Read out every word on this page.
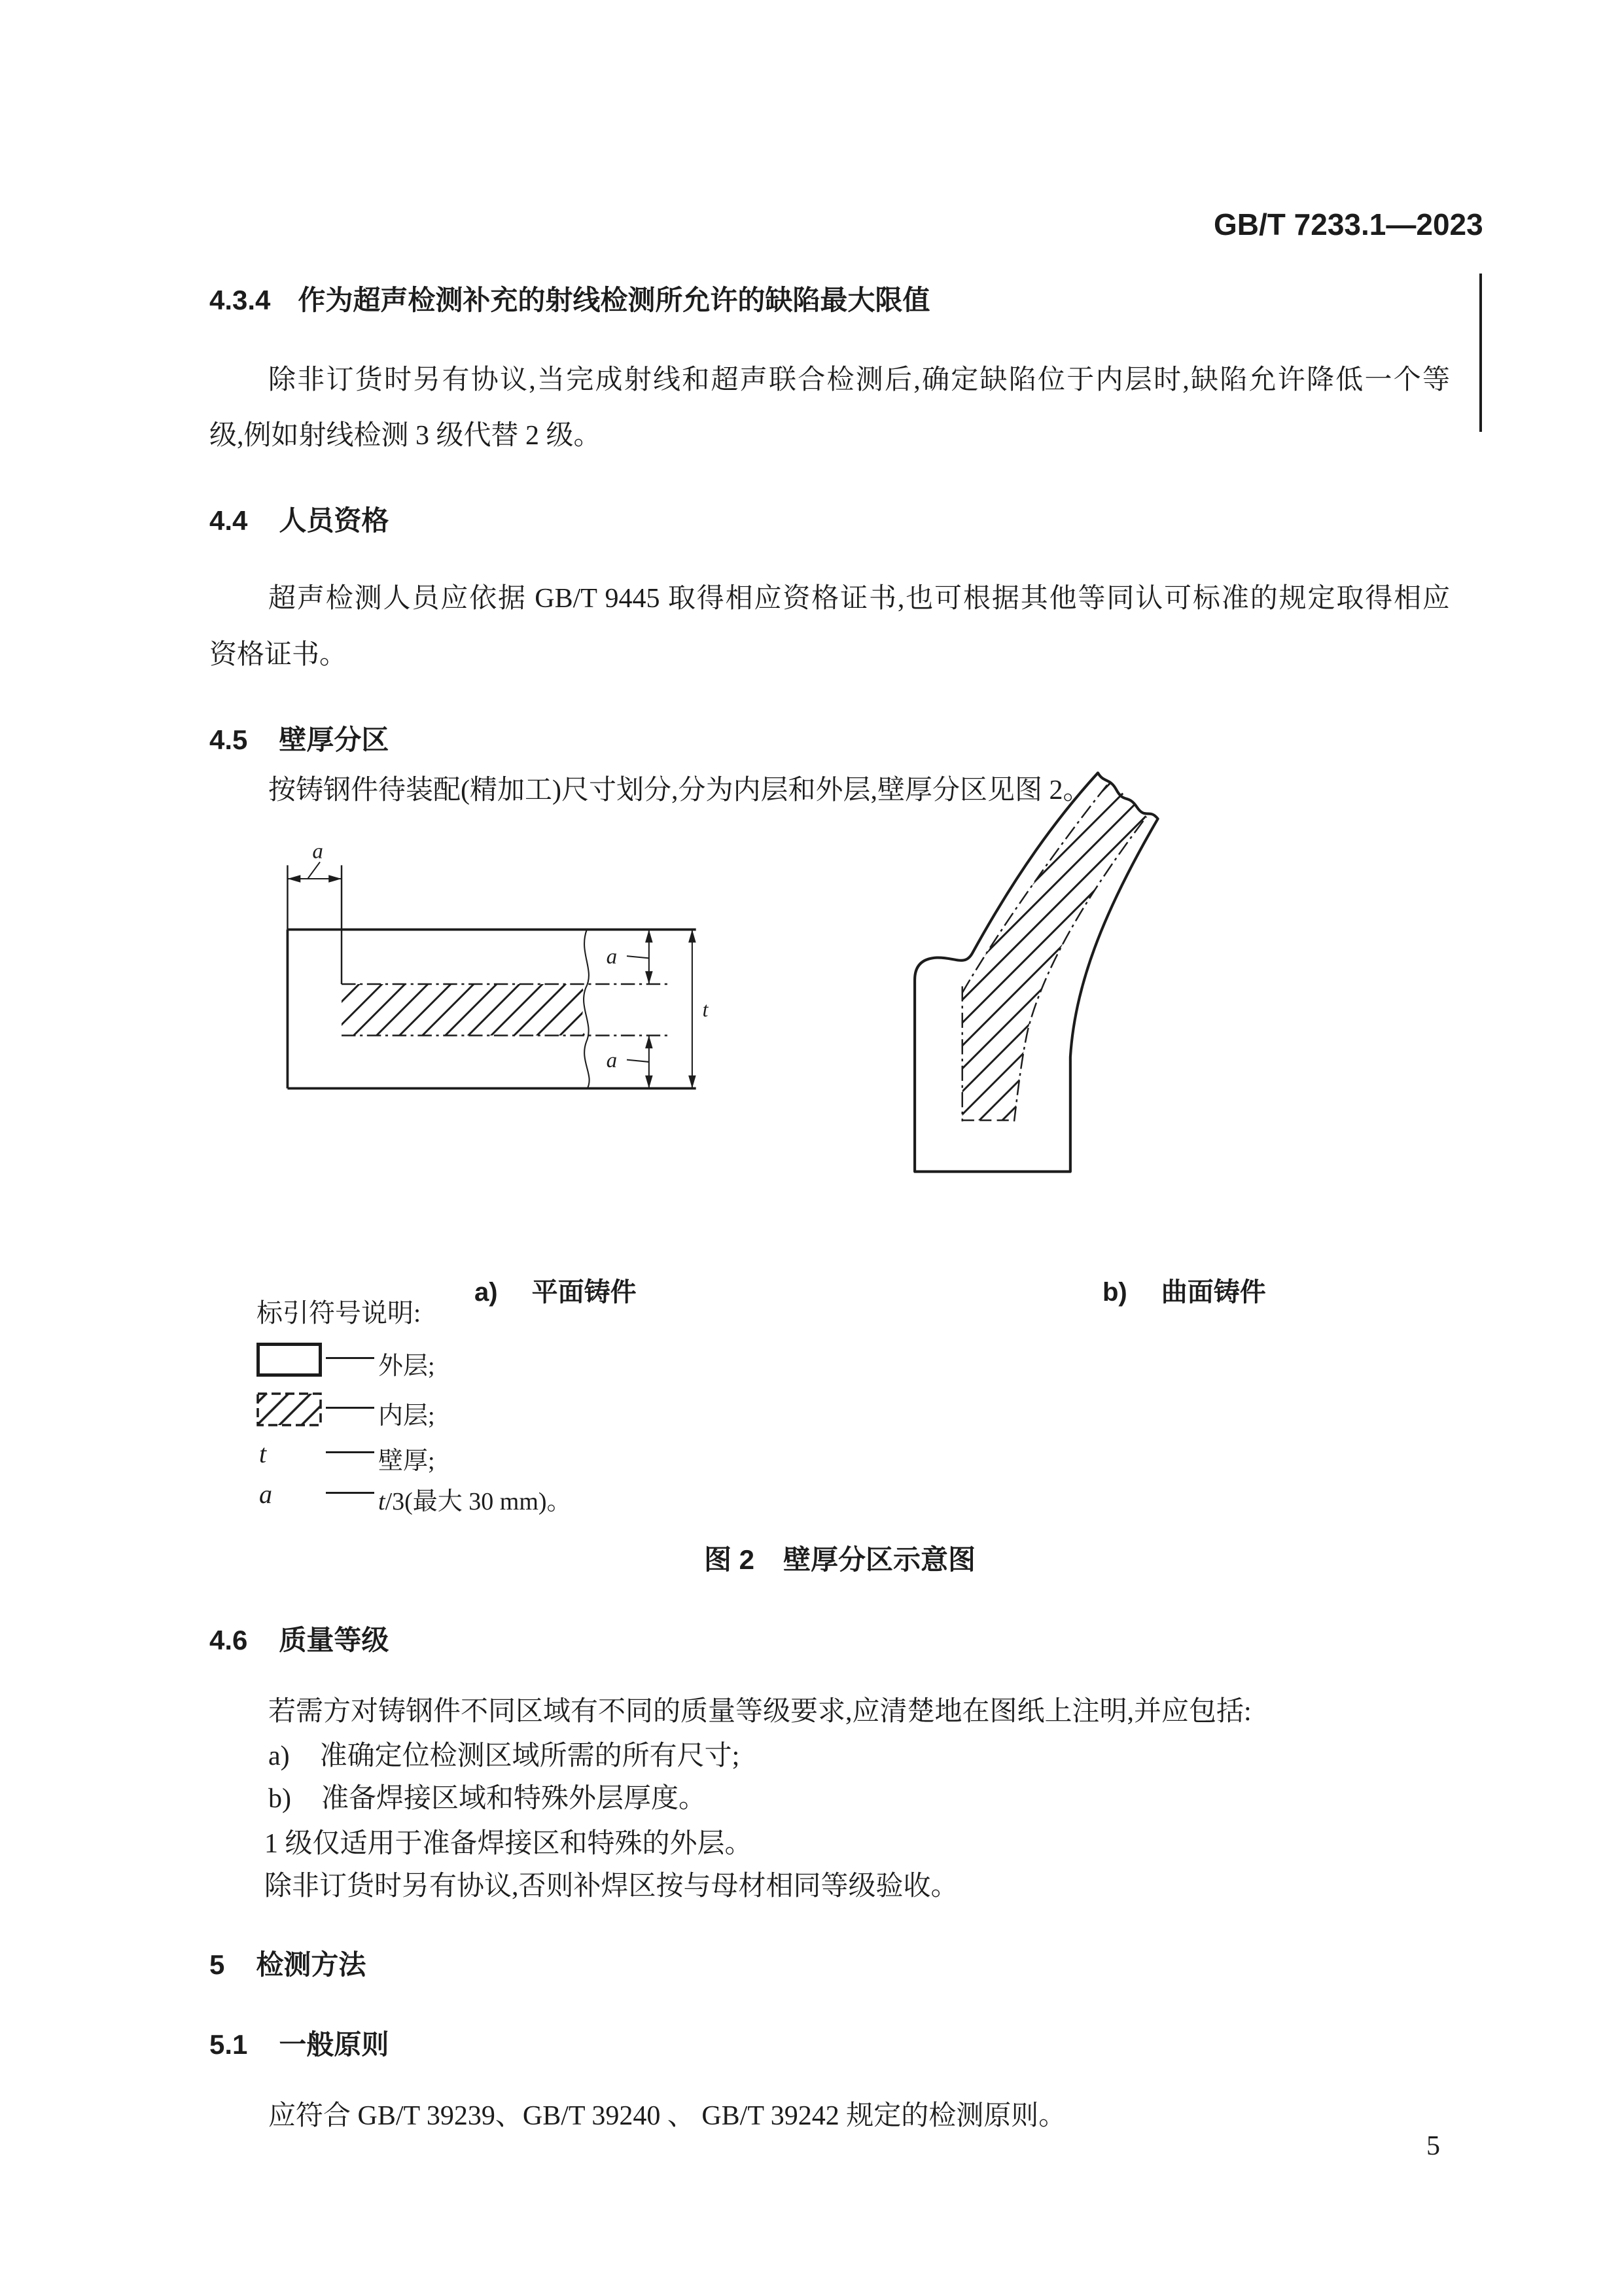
GB/T 7233.1—2023
5
4.3.4 作为超声检测补充的射线检测所允许的缺陷最大限值
除非订货时另有协议,当完成射线和超声联合检测后,确定缺陷位于内层时,缺陷允许降低一个等
级,例如射线检测 3 级代替 2 级。
4.4 人员资格
超声检测人员应依据 GB/T 9445 取得相应资格证书,也可根据其他等同认可标准的规定取得相应
资格证书。
4.5 壁厚分区
按铸钢件待装配(精加工)尺寸划分,分为内层和外层,壁厚分区见图 2。
a
a
a
t
a) 平面铸件	b) 曲面铸件
标引符号说明:
外层;
内层;
t	壁厚;
a	t/3(最大 30 mm)。
图 2 壁厚分区示意图
4.6 质量等级
若需方对铸钢件不同区域有不同的质量等级要求,应清楚地在图纸上注明,并应包括:
a) 准确定位检测区域所需的所有尺寸;
b) 准备焊接区域和特殊外层厚度。
1 级仅适用于准备焊接区和特殊的外层。
除非订货时另有协议,否则补焊区按与母材相同等级验收。
5 检测方法
5.1 一般原则
应符合 GB/T 39239、GB/T 39240 、 GB/T 39242 规定的检测原则。
